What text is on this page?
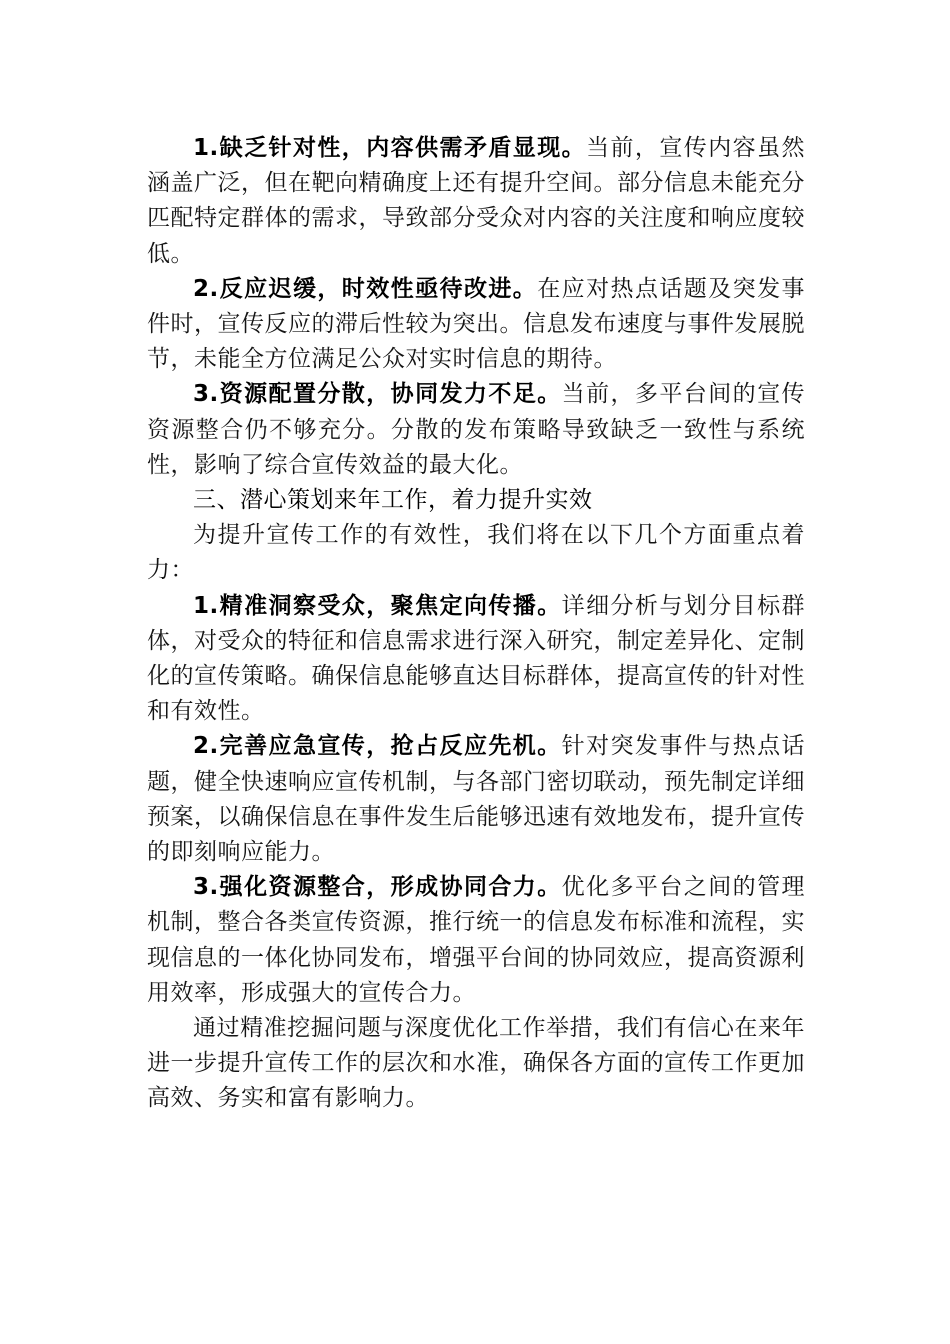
1.缺乏针对性，内容供需矛盾显现。当前，宣传内容虽然涵盖广泛，但在靶向精确度上还有提升空间。部分信息未能充分匹配特定群体的需求，导致部分受众对内容的关注度和响应度较低。

2.反应迟缓，时效性亟待改进。在应对热点话题及突发事件时，宣传反应的滞后性较为突出。信息发布速度与事件发展脱节，未能全方位满足公众对实时信息的期待。

3.资源配置分散，协同发力不足。当前，多平台间的宣传资源整合仍不够充分。分散的发布策略导致缺乏一致性与系统性，影响了综合宣传效益的最大化。

三、潜心策划来年工作，着力提升实效

为提升宣传工作的有效性，我们将在以下几个方面重点着力：

1.精准洞察受众，聚焦定向传播。详细分析与划分目标群体，对受众的特征和信息需求进行深入研究，制定差异化、定制化的宣传策略。确保信息能够直达目标群体，提高宣传的针对性和有效性。

2.完善应急宣传，抢占反应先机。针对突发事件与热点话题，健全快速响应宣传机制，与各部门密切联动，预先制定详细预案，以确保信息在事件发生后能够迅速有效地发布，提升宣传的即刻响应能力。

3.强化资源整合，形成协同合力。优化多平台之间的管理机制，整合各类宣传资源，推行统一的信息发布标准和流程，实现信息的一体化协同发布，增强平台间的协同效应，提高资源利用效率，形成强大的宣传合力。

通过精准挖掘问题与深度优化工作举措，我们有信心在来年进一步提升宣传工作的层次和水准，确保各方面的宣传工作更加高效、务实和富有影响力。
